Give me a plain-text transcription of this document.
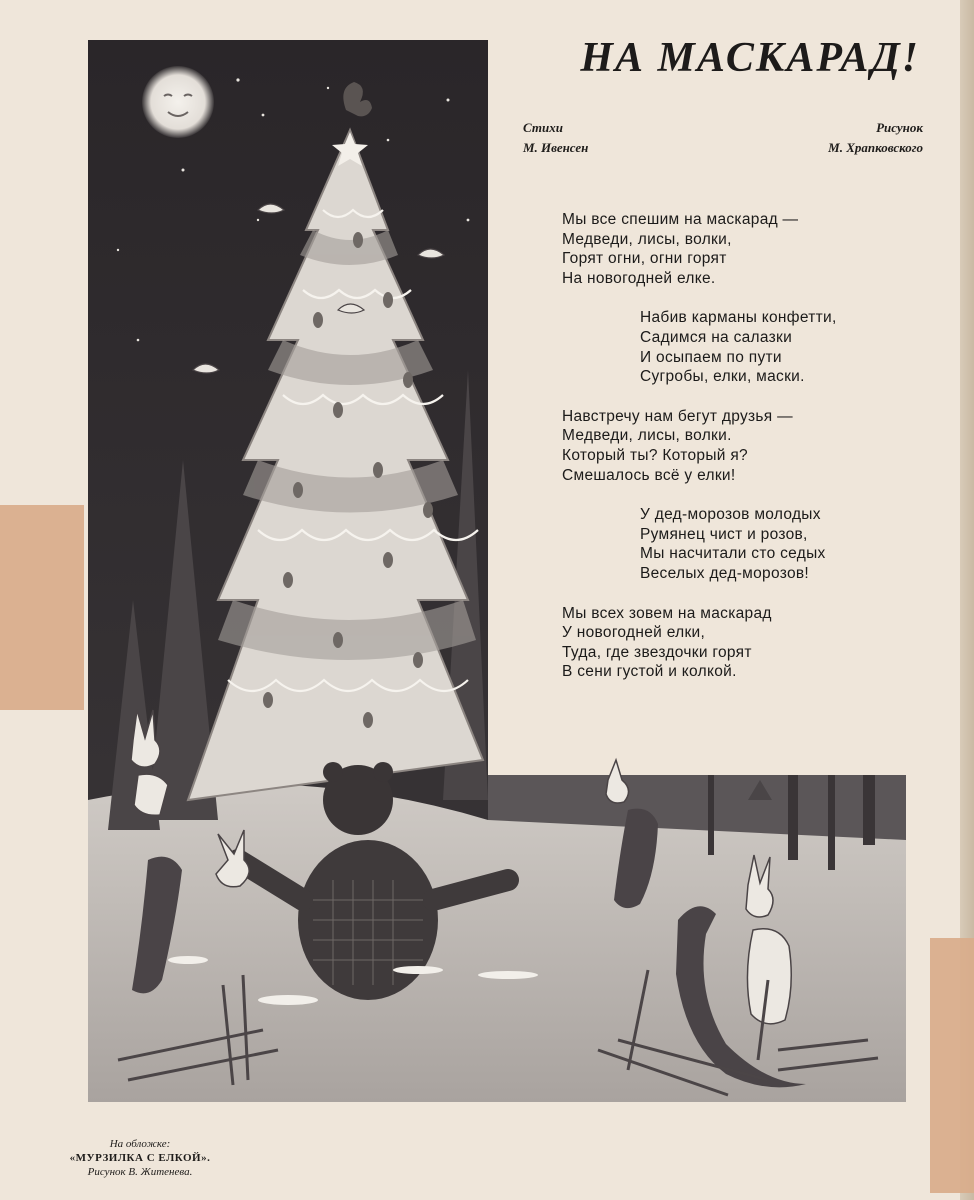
НА МАСКАРАД!
Стихи
М. Ивенсен
Рисунок
М. Храпковского
Мы все спешим на маскарад —
Медведи, лисы, волки,
Горят огни, огни горят
На новогодней елке.
Набив карманы конфетти,
Садимся на салазки
И осыпаем по пути
Сугробы, елки, маски.
Навстречу нам бегут друзья —
Медведи, лисы, волки.
Который ты? Который я?
Смешалось всё у елки!
У дед-морозов молодых
Румянец чист и розов,
Мы насчитали сто седых
Веселых дед-морозов!
Мы всех зовем на маскарад
У новогодней елки,
Туда, где звездочки горят
В сени густой и колкой.
На обложке:
«МУРЗИЛКА С ЕЛКОЙ».
Рисунок В. Житенева.
